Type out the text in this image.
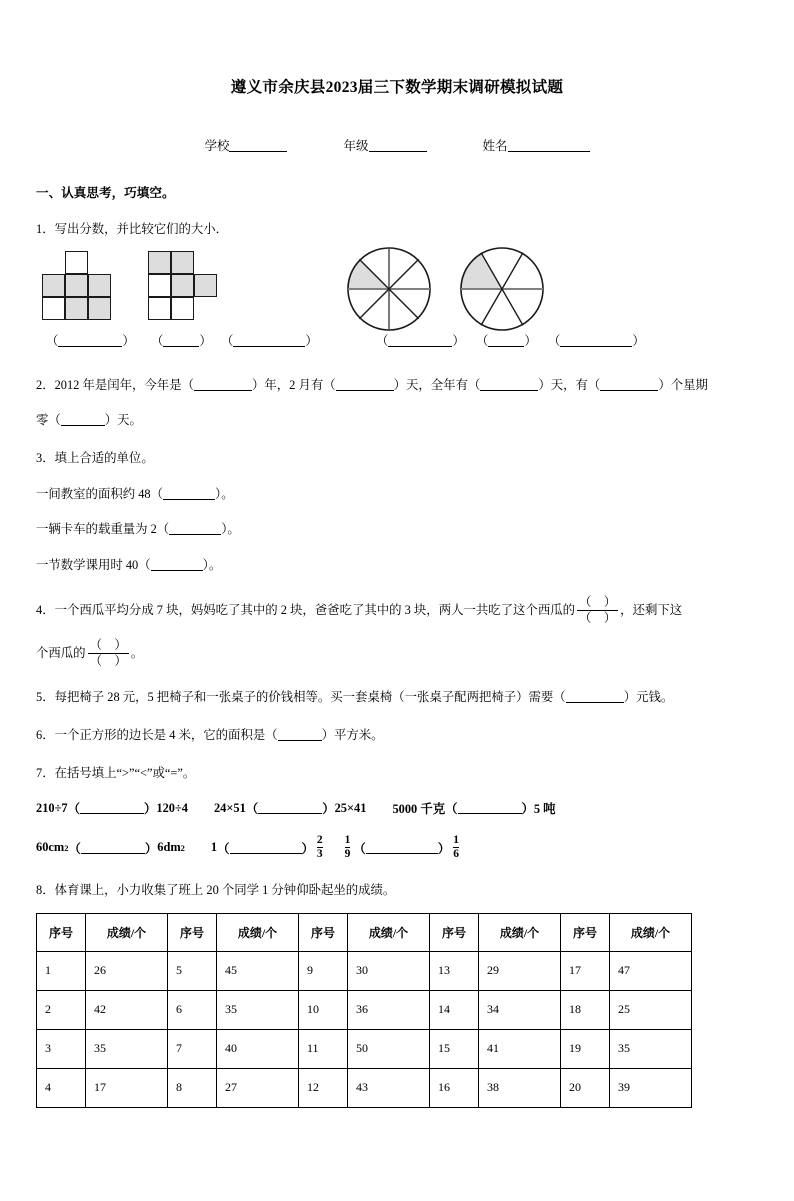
遵义市余庆县2023届三下数学期末调研模拟试题
学校	年级	姓名
一、认真思考，巧填空。
1．写出分数，并比较它们的大小．
（	） （	） （	）	（	） （	） （	）
2．2012 年是闰年，今年是（	）年，2 月有（	）天，全年有（	）天，有（	）个星期
零（	）天。
3．填上合适的单位。
一间教室的面积约 48（	）。
一辆卡车的载重量为 2（	）。
一节数学课用时 40（	）。
4．一个西瓜平均分成 7 块，妈妈吃了其中的 2 块，爸爸吃了其中的 3 块，两人一共吃了这个西瓜的 $\frac{( )}{( )}$ ，还剩下这
个西瓜的 $\frac{( )}{( )}$ 。
5．每把椅子 28 元，5 把椅子和一张桌子的价钱相等。买一套桌椅（一张桌子配两把椅子）需要（	）元钱。
6．一个正方形的边长是 4 米，它的面积是（	）平方米。
7．在括号填上“>”“<”或“=”。
210÷7 （	） 120÷4 24×51 （	） 25×41 5000 千克 （	） 5 吨
60cm 2 （	） 6dm 2 1 （	） $\frac{2}{3} \frac{1}{9}$ （	） $\frac{1}{6}$
8．体育课上，小力收集了班上 20 个同学 1 分钟仰卧起坐的成绩。
序号	成绩/个	序号	成绩/个	序号	成绩/个	序号	成绩/个	序号	成绩/个
1	26	5	45	9	30	13	29	17	47
2	42	6	35	10	36	14	34	18	25
3	35	7	40	11	50	15	41	19	35
4	17	8	27	12	43	16	38	20	39
